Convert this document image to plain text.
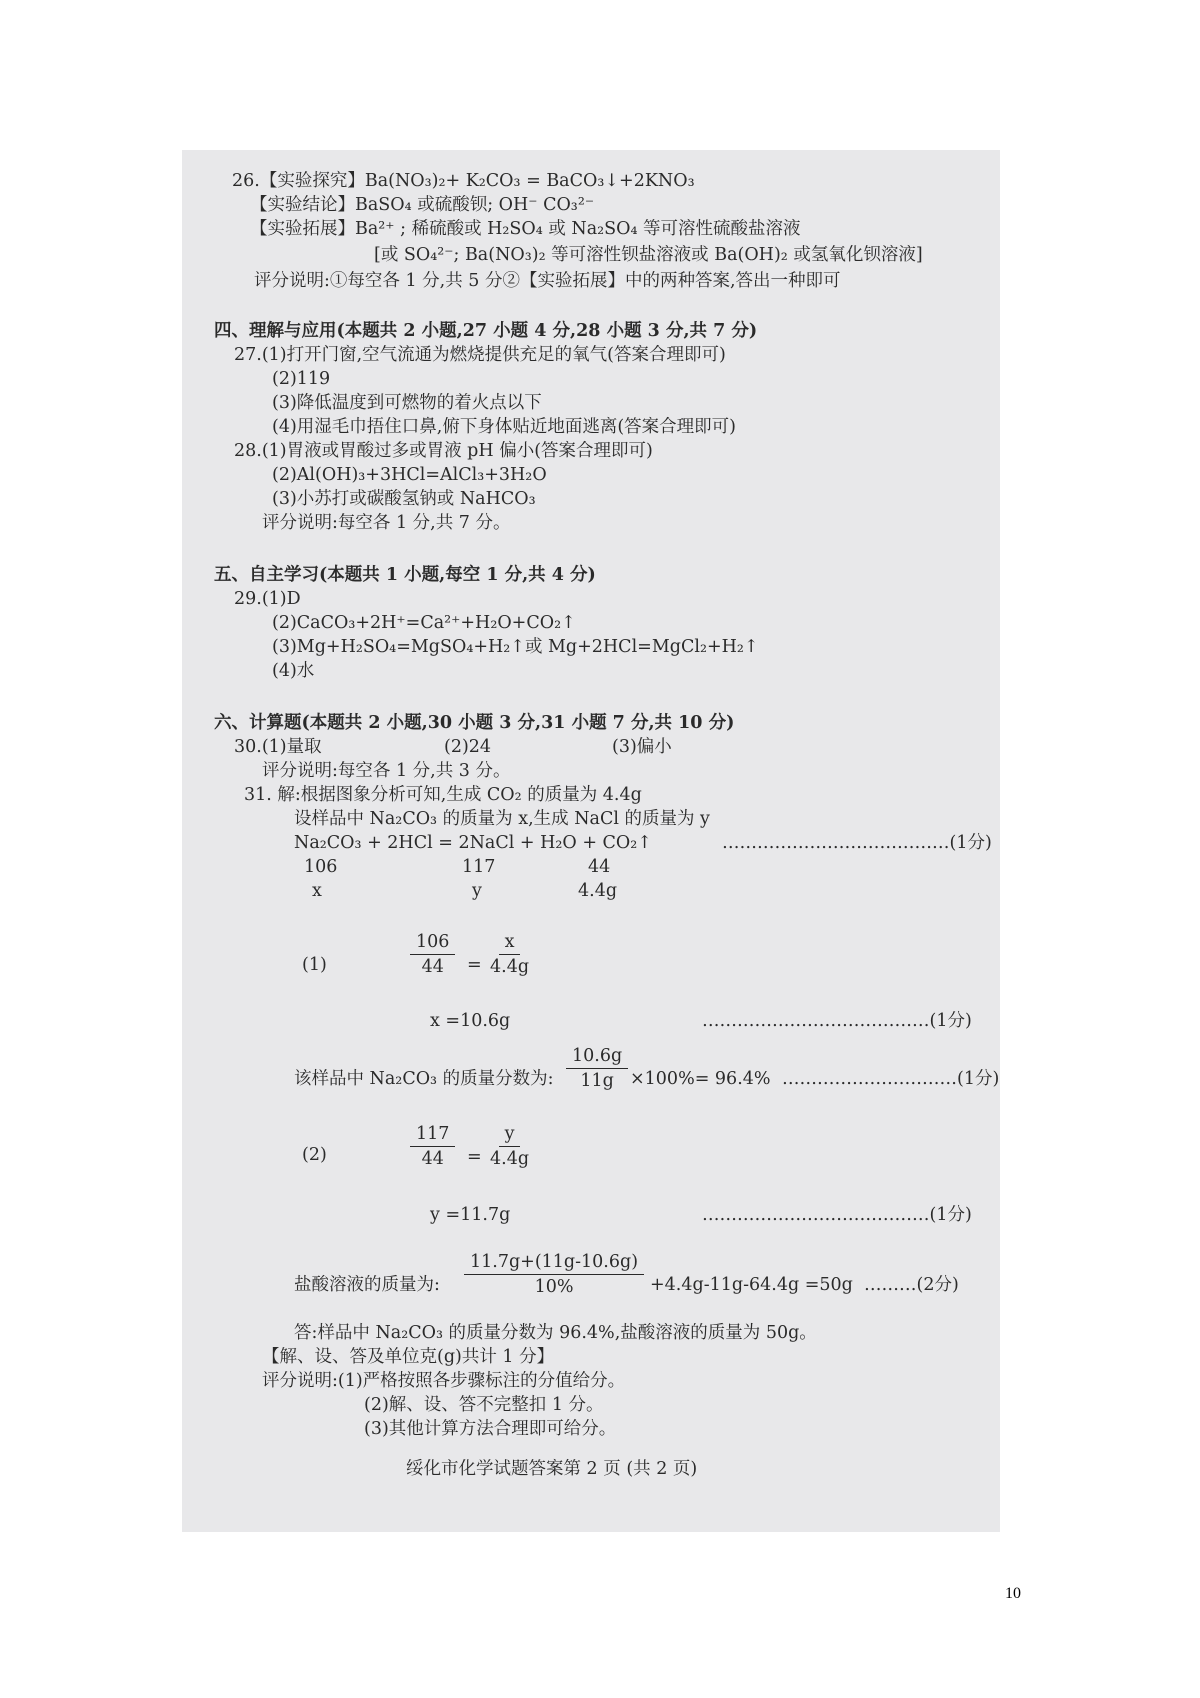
26.【实验探究】Ba(NO₃)₂+ K₂CO₃ = BaCO₃↓+2KNO₃
【实验结论】BaSO₄ 或硫酸钡; OH⁻ CO₃²⁻
【实验拓展】Ba²⁺ ; 稀硫酸或 H₂SO₄ 或 Na₂SO₄ 等可溶性硫酸盐溶液
[或 SO₄²⁻; Ba(NO₃)₂ 等可溶性钡盐溶液或 Ba(OH)₂ 或氢氧化钡溶液]
评分说明:①每空各 1 分,共 5 分②【实验拓展】中的两种答案,答出一种即可
四、理解与应用(本题共 2 小题,27 小题 4 分,28 小题 3 分,共 7 分)
27.(1)打开门窗,空气流通为燃烧提供充足的氧气(答案合理即可)
(2)119
(3)降低温度到可燃物的着火点以下
(4)用湿毛巾捂住口鼻,俯下身体贴近地面逃离(答案合理即可)
28.(1)胃液或胃酸过多或胃液 pH 偏小(答案合理即可)
(2)Al(OH)₃+3HCl=AlCl₃+3H₂O
(3)小苏打或碳酸氢钠或 NaHCO₃
评分说明:每空各 1 分,共 7 分。
五、自主学习(本题共 1 小题,每空 1 分,共 4 分)
29.(1)D
(2)CaCO₃+2H⁺=Ca²⁺+H₂O+CO₂↑
(3)Mg+H₂SO₄=MgSO₄+H₂↑或 Mg+2HCl=MgCl₂+H₂↑
(4)水
六、计算题(本题共 2 小题,30 小题 3 分,31 小题 7 分,共 10 分)
30.(1)量取	(2)24	(3)偏小
评分说明:每空各 1 分,共 3 分。
31. 解:根据图象分析可知,生成 CO₂ 的质量为 4.4g
设样品中 Na₂CO₃ 的质量为 x,生成 NaCl 的质量为 y
Na₂CO₃ + 2HCl = 2NaCl + H₂O + CO₂↑	…………………………………(1分)
106	117	44
x	y	4.4g
(1)	$\frac{106}{44} = \frac{x}{4.4g}$
x =10.6g	…………………………………(1分)
该样品中 Na₂CO₃ 的质量分数为: $\frac{10.6g}{11g} \times 100\%= 96.4\%$ …………………………(1分)
(2)	$\frac{117}{44} = \frac{y}{4.4g}$
y =11.7g	…………………………………(1分)
盐酸溶液的质量为: $\frac{11.7g+(11g-10.6g)}{10\%} +4.4g-11g-64.4g =50g$ ………(2分)
答:样品中 Na₂CO₃ 的质量分数为 96.4%,盐酸溶液的质量为 50g。
【解、设、答及单位克(g)共计 1 分】
评分说明:(1)严格按照各步骤标注的分值给分。
(2)解、设、答不完整扣 1 分。
(3)其他计算方法合理即可给分。
绥化市化学试题答案第 2 页 (共 2 页)
10
